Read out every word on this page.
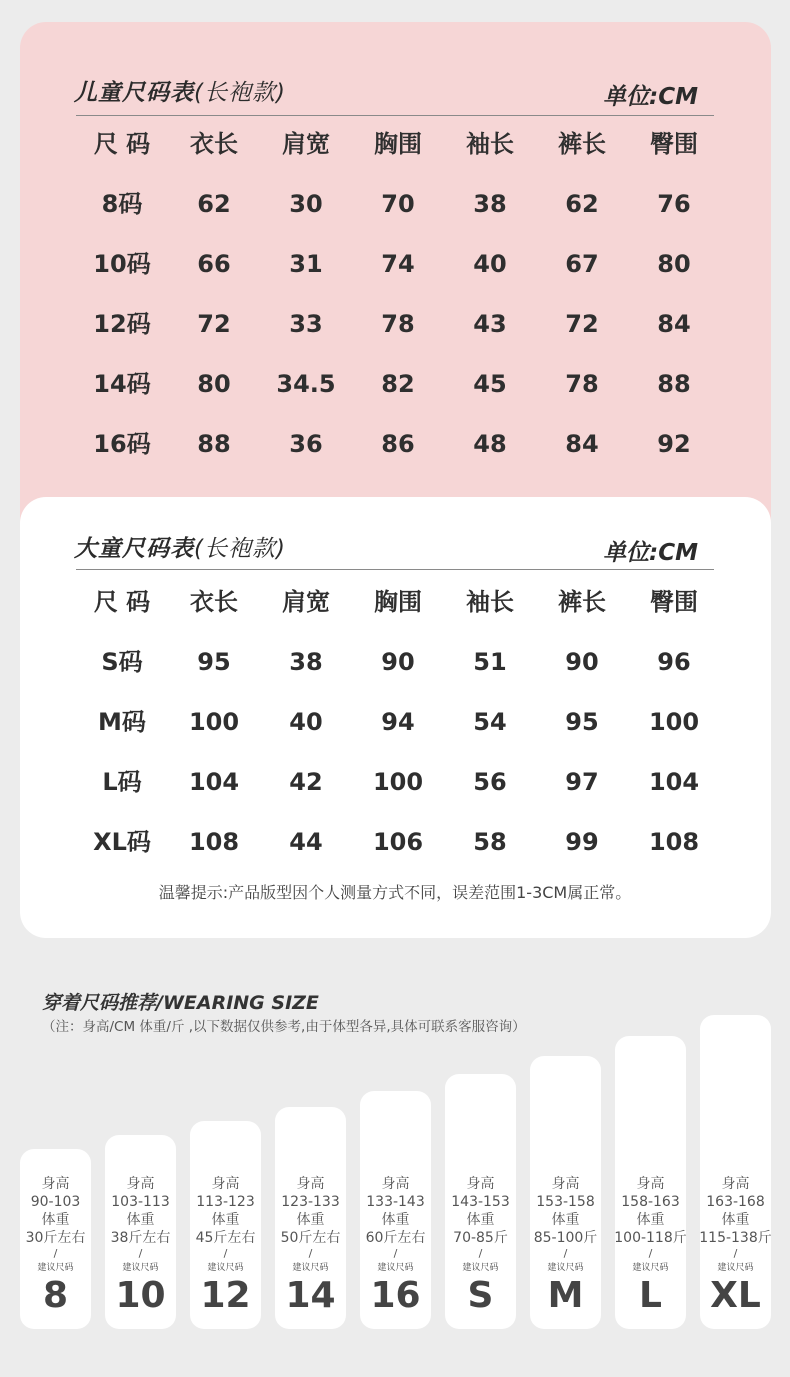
儿童尺码表(长袍款)	单位:CM
尺 码	衣长	肩宽	胸围	袖长	裤长	臀围
8码	62	30	70	38	62	76
10码	66	31	74	40	67	80
12码	72	33	78	43	72	84
14码	80	34.5	82	45	78	88
16码	88	36	86	48	84	92
大童尺码表(长袍款)	单位:CM
尺 码	衣长	肩宽	胸围	袖长	裤长	臀围
S码	95	38	90	51	90	96
M码	100	40	94	54	95	100
L码	104	42	100	56	97	104
XL码	108	44	106	58	99	108
温馨提示:产品版型因个人测量方式不同，误差范围1-3CM属正常。
穿着尺码推荐/WEARING SIZE
（注：身高/CM 体重/斤 ,以下数据仅供参考,由于体型各异,具体可联系客服咨询）
身高
90-103
体重
30斤左右
/
建议尺码
8
身高
103-113
体重
38斤左右
/
建议尺码
10
身高
113-123
体重
45斤左右
/
建议尺码
12
身高
123-133
体重
50斤左右
/
建议尺码
14
身高
133-143
体重
60斤左右
/
建议尺码
16
身高
143-153
体重
70-85斤
/
建议尺码
S
身高
153-158
体重
85-100斤
/
建议尺码
M
身高
158-163
体重
100-118斤
/
建议尺码
L
身高
163-168
体重
115-138斤
/
建议尺码
XL
